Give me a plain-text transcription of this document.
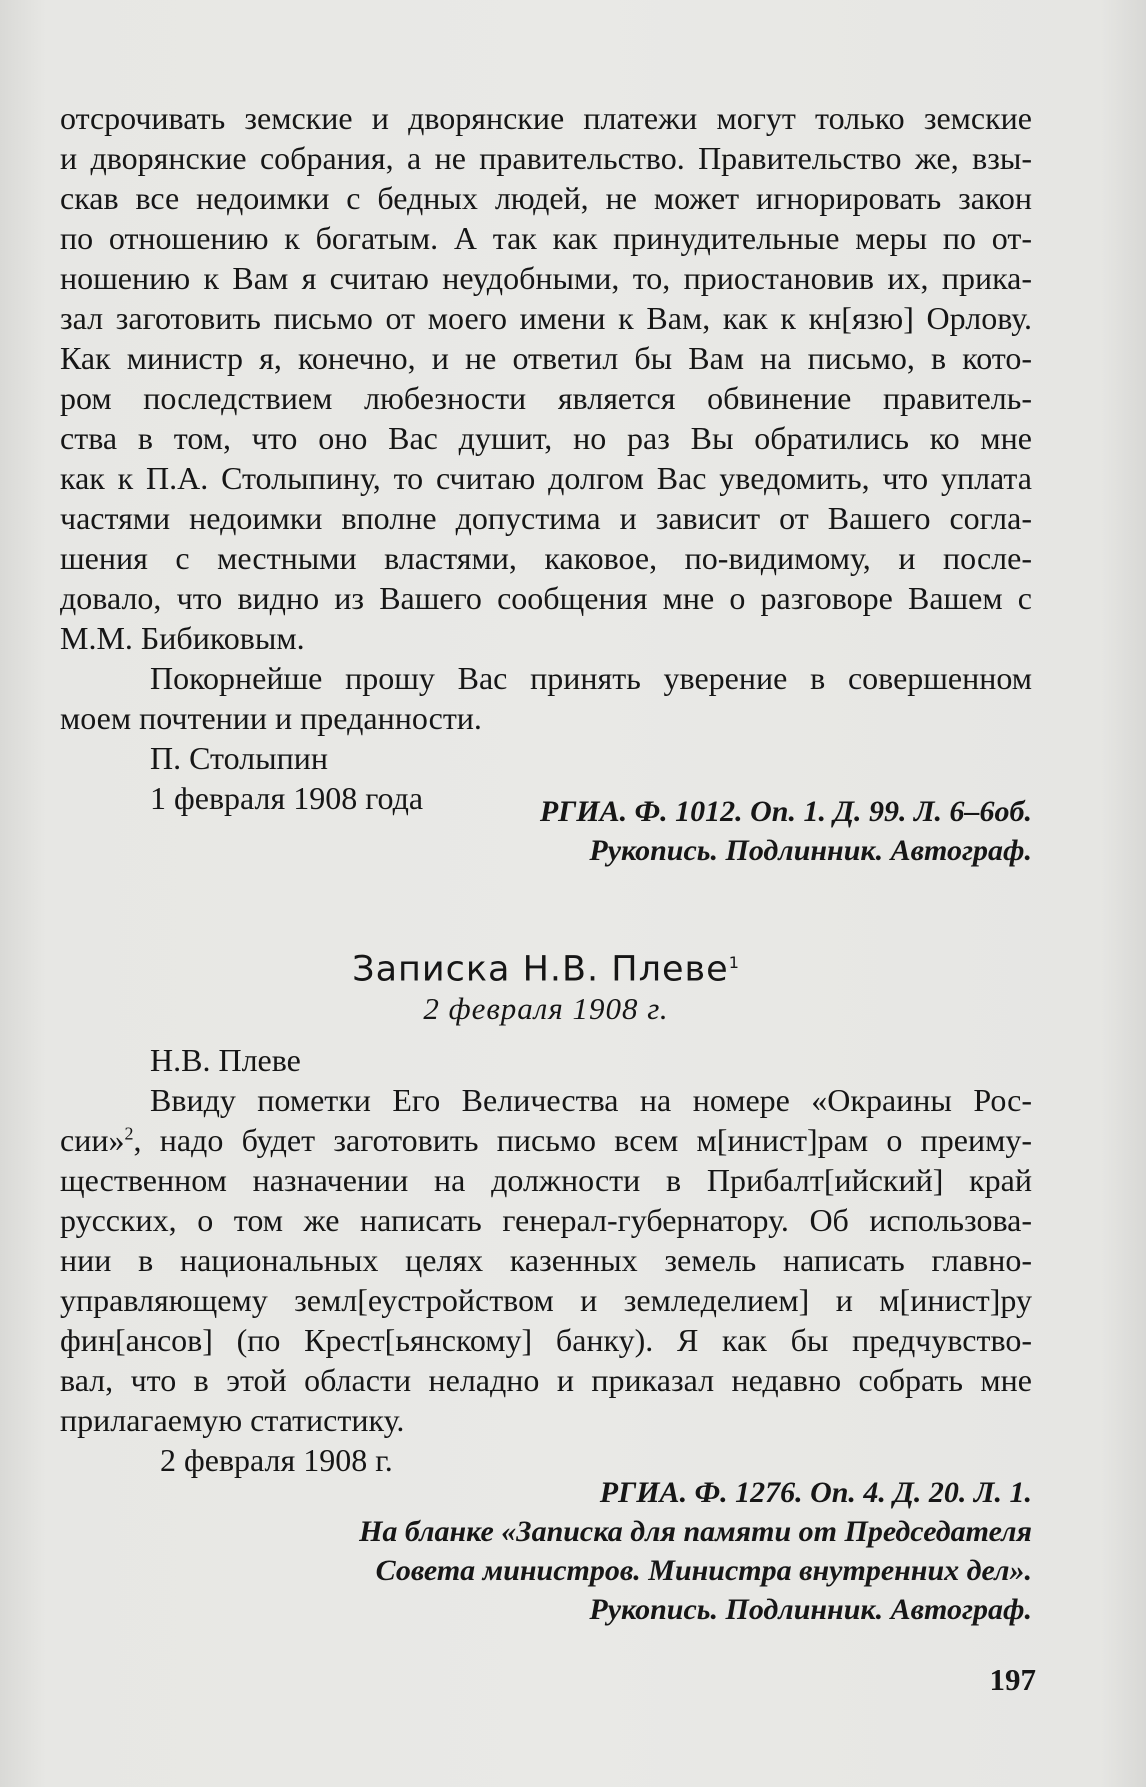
отсрочивать земские и дворянские платежи могут только земские
и дворянские собрания, а не правительство. Правительство же, взы-
скав все недоимки с бедных людей, не может игнорировать закон
по отношению к богатым. А так как принудительные меры по от-
ношению к Вам я считаю неудобными, то, приостановив их, прика-
зал заготовить письмо от моего имени к Вам, как к кн[язю] Орлову.
Как министр я, конечно, и не ответил бы Вам на письмо, в кото-
ром последствием любезности является обвинение правитель-
ства в том, что оно Вас душит, но раз Вы обратились ко мне
как к П.А. Столыпину, то считаю долгом Вас уведомить, что уплата
частями недоимки вполне допустима и зависит от Вашего согла-
шения с местными властями, каковое, по-видимому, и после-
довало, что видно из Вашего сообщения мне о разговоре Вашем с
М.М. Бибиковым.
Покорнейше прошу Вас принять уверение в совершенном
моем почтении и преданности.
П. Столыпин
1 февраля 1908 года	РГИА. Ф. 1012. Оп. 1. Д. 99. Л. 6–6об.
Рукопись. Подлинник. Автограф.
Записка Н.В. Плеве$^1$
2 февраля 1908 г.
Н.В. Плеве
Ввиду пометки Его Величества на номере «Окраины Рос-
сии»$^2$, надо будет заготовить письмо всем м[инист]рам о преиму-
щественном назначении на должности в Прибалт[ийский] край
русских, о том же написать генерал-губернатору. Об использова-
нии в национальных целях казенных земель написать главно-
управляющему земл[еустройством и земледелием] и м[инист]ру
фин[ансов] (по Крест[ьянскому] банку). Я как бы предчувство-
вал, что в этой области неладно и приказал недавно собрать мне
прилагаемую статистику.
2 февраля 1908 г.
РГИА. Ф. 1276. Оп. 4. Д. 20. Л. 1.
На бланке «Записка для памяти от Председателя
Совета министров. Министра внутренних дел».
Рукопись. Подлинник. Автограф.
197
